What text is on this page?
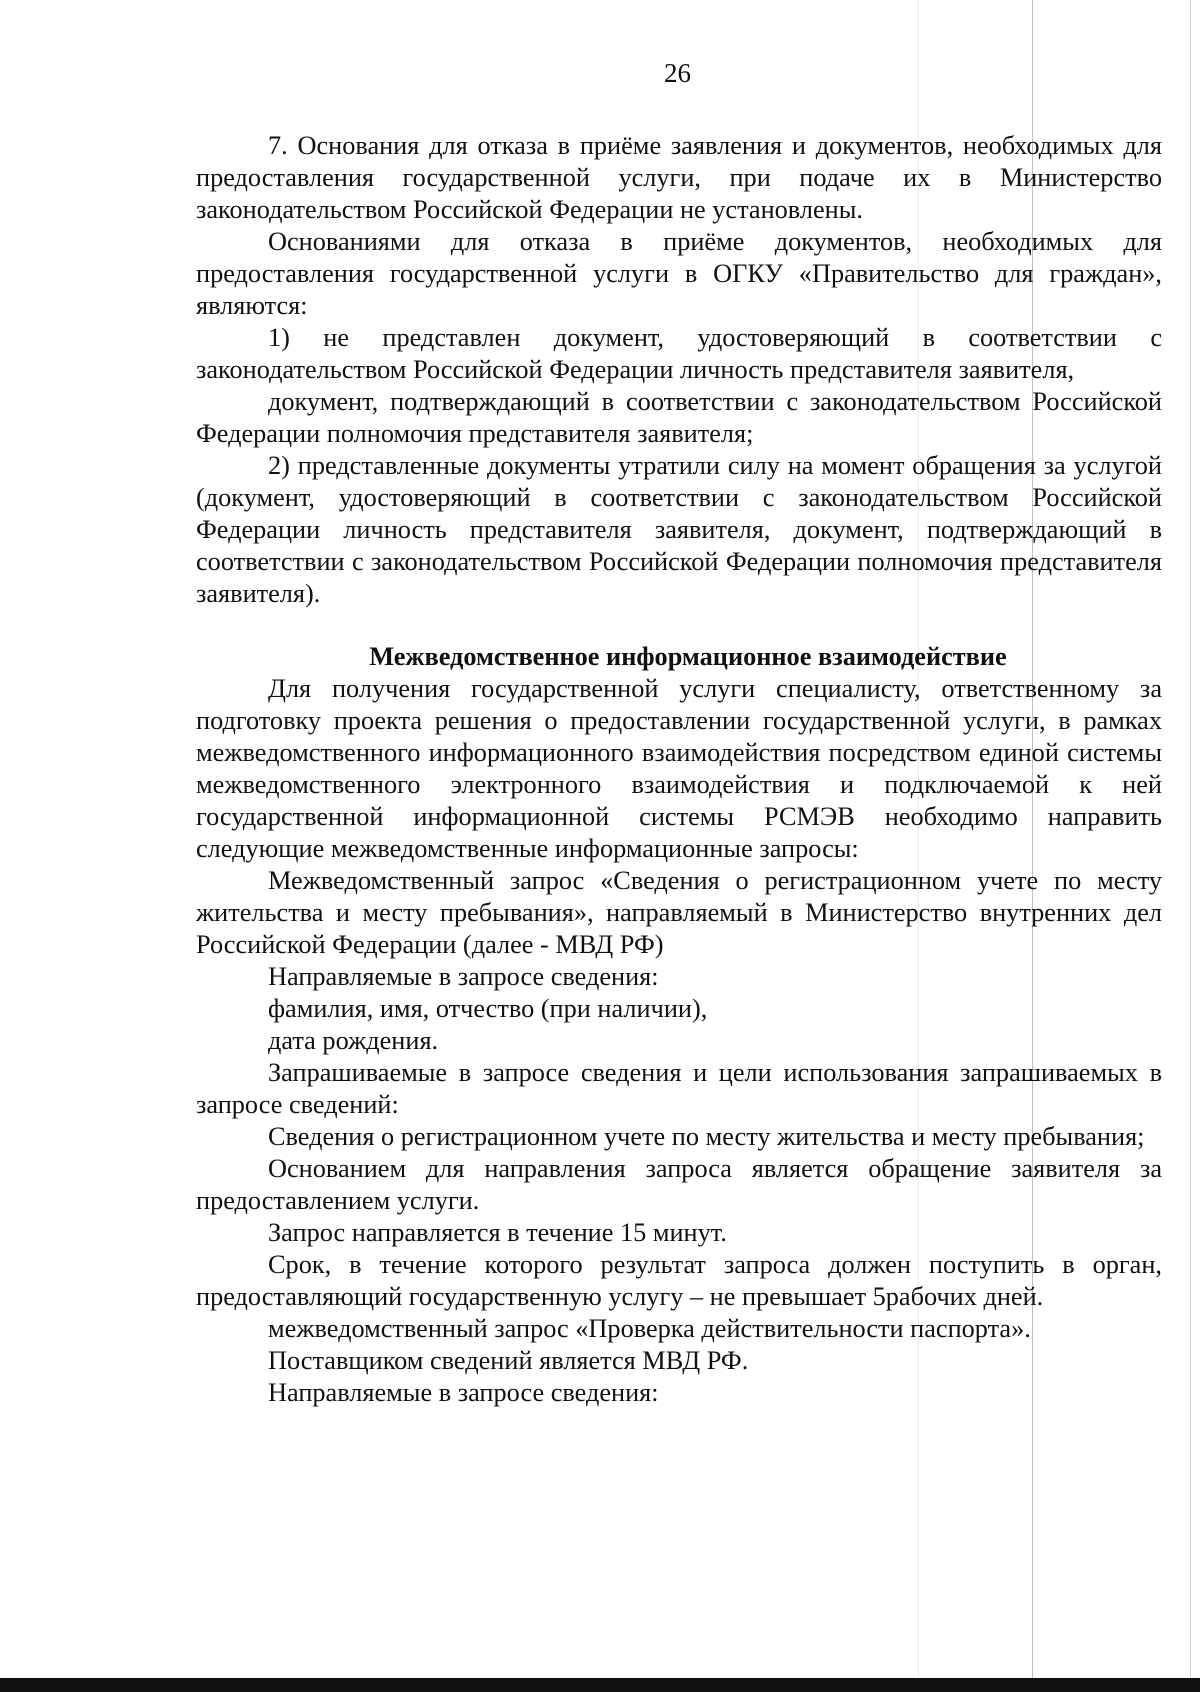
26

7. Основания для отказа в приёме заявления и документов, необходимых для предоставления государственной услуги, при подаче их в Министерство законодательством Российской Федерации не установлены.

Основаниями для отказа в приёме документов, необходимых для предоставления государственной услуги в ОГКУ «Правительство для граждан», являются:

1) не представлен документ, удостоверяющий в соответствии с законодательством Российской Федерации личность представителя заявителя,

документ, подтверждающий в соответствии с законодательством Российской Федерации полномочия представителя заявителя;

2) представленные документы утратили силу на момент обращения за услугой (документ, удостоверяющий в соответствии с законодательством Российской Федерации личность представителя заявителя, документ, подтверждающий в соответствии с законодательством Российской Федерации полномочия представителя заявителя).

Межведомственное информационное взаимодействие

Для получения государственной услуги специалисту, ответственному за подготовку проекта решения о предоставлении государственной услуги, в рамках межведомственного информационного взаимодействия посредством единой системы межведомственного электронного взаимодействия и подключаемой к ней государственной информационной системы РСМЭВ необходимо направить следующие межведомственные информационные запросы:

Межведомственный запрос «Сведения о регистрационном учете по месту жительства и месту пребывания», направляемый в Министерство внутренних дел Российской Федерации (далее - МВД РФ)

Направляемые в запросе сведения:

фамилия, имя, отчество (при наличии),

дата рождения.

Запрашиваемые в запросе сведения и цели использования запрашиваемых в запросе сведений:

Сведения о регистрационном учете по месту жительства и месту пребывания;

Основанием для направления запроса является обращение заявителя за предоставлением услуги.

Запрос направляется в течение 15 минут.

Срок, в течение которого результат запроса должен поступить в орган, предоставляющий государственную услугу – не превышает 5рабочих дней.

межведомственный запрос «Проверка действительности паспорта».

Поставщиком сведений является МВД РФ.

Направляемые в запросе сведения:
